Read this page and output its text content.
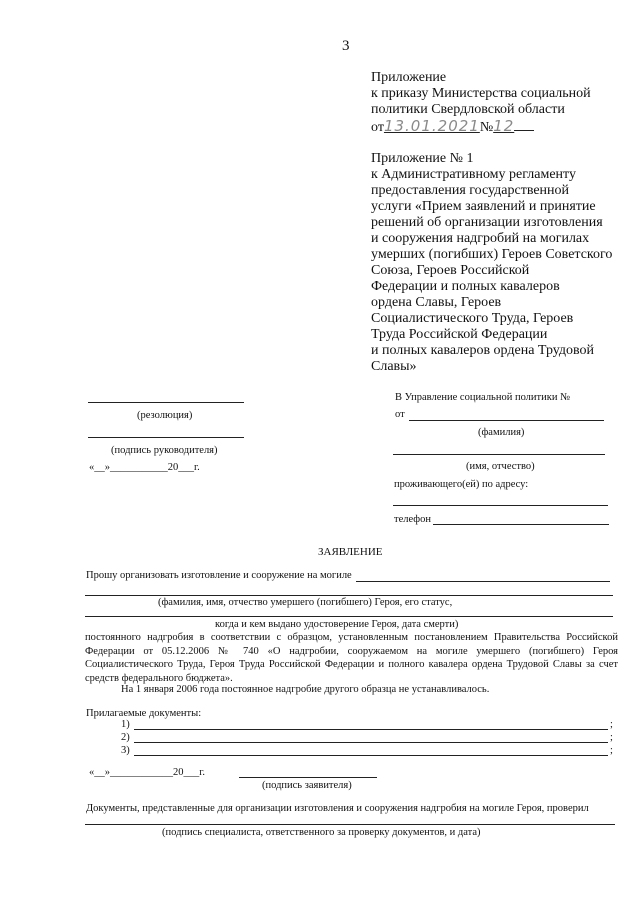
3
Приложение
к приказу Министерства социальной
политики Свердловской области
от13.01.2021№12
Приложение № 1
к Административному регламенту
предоставления государственной
услуги «Прием заявлений и принятие
решений об организации изготовления
и сооружения надгробий на могилах
умерших (погибших) Героев Советского
Союза, Героев Российской
Федерации и полных кавалеров
ордена Славы, Героев
Социалистического Труда, Героев
Труда Российской Федерации
и полных кавалеров ордена Трудовой
Славы»
(резолюция)
(подпись руководителя)
«__»___________20___г.
В Управление социальной политики №
от
(фамилия)
(имя, отчество)
проживающего(ей) по адресу:
телефон
ЗАЯВЛЕНИЕ
Прошу организовать изготовление и сооружение на могиле
(фамилия, имя, отчество умершего (погибшего) Героя, его статус,
когда и кем выдано удостоверение Героя, дата смерти)
постоянного надгробия в соответствии с образцом, установленным постановлением Правительства Российской Федерации от 05.12.2006 № 740 «О надгробии, сооружаемом на могиле умершего (погибшего) Героя Социалистического Труда, Героя Труда Российской Федерации и полного кавалера ордена Трудовой Славы за счет средств федерального бюджета».
На 1 января 2006 года постоянное надгробие другого образца не устанавливалось.
Прилагаемые документы:
1)	;
2)	;
3)	;
«__»____________20___г.
(подпись заявителя)
Документы, представленные для организации изготовления и сооружения надгробия на могиле Героя, проверил
(подпись специалиста, ответственного за проверку документов, и дата)
